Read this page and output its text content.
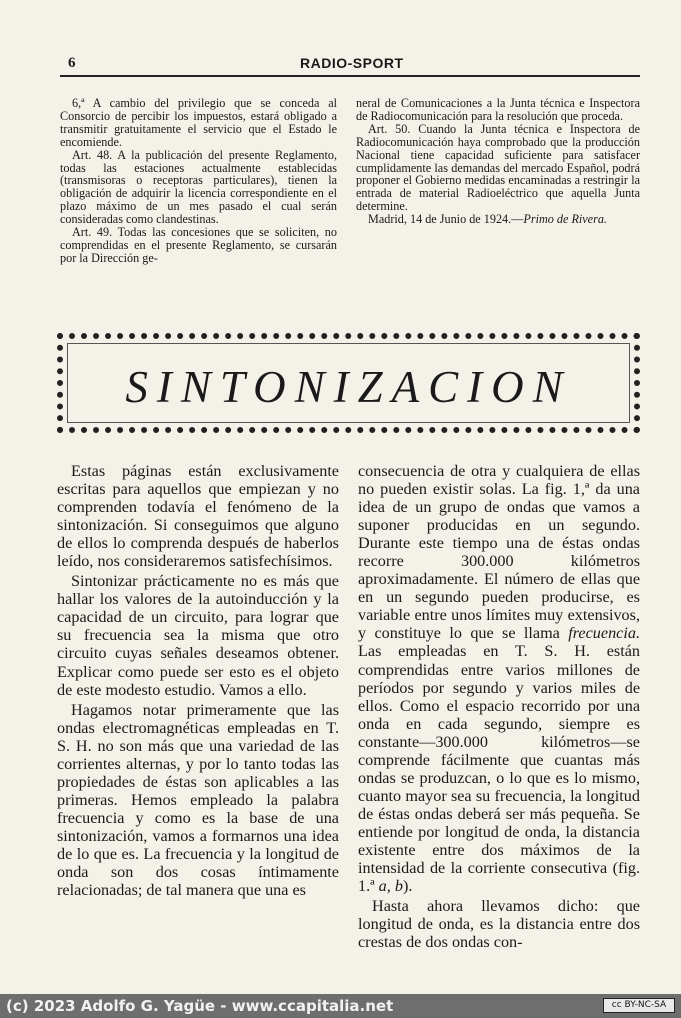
6	RADIO-SPORT

6,ª A cambio del privilegio que se conceda al Consorcio de percibir los impuestos, estará obligado a transmitir gratuitamente el servicio que el Estado le encomiende.

Art. 48. A la publicación del presente Reglamento, todas las estaciones actualmente establecidas (transmisoras o receptoras particulares), tienen la obligación de adquirir la licencia correspondiente en el plazo máximo de un mes pasado el cual serán consideradas como clandestinas.

Art. 49. Todas las concesiones que se soliciten, no comprendidas en el presente Reglamento, se cursarán por la Dirección ge-

neral de Comunicaciones a la Junta técnica e Inspectora de Radiocomunicación para la resolución que proceda.

Art. 50. Cuando la Junta técnica e Inspectora de Radiocomunicación haya comprobado que la producción Nacional tiene capacidad suficiente para satisfacer cumplidamente las demandas del mercado Español, podrá proponer el Gobierno medidas encaminadas a restringir la entrada de material Radioeléctrico que aquella Junta determine.

Madrid, 14 de Junio de 1924.—Primo de Rivera.

SINTONIZACION

Estas páginas están exclusivamente escritas para aquellos que empiezan y no comprenden todavía el fenómeno de la sintonización. Si conseguimos que alguno de ellos lo comprenda después de haberlos leído, nos consideraremos satisfechísimos.

Sintonizar prácticamente no es más que hallar los valores de la autoinducción y la capacidad de un circuito, para lograr que su frecuencia sea la misma que otro circuito cuyas señales deseamos obtener. Explicar como puede ser esto es el objeto de este modesto estudio. Vamos a ello.

Hagamos notar primeramente que las ondas electromagnéticas empleadas en T. S. H. no son más que una variedad de las corrientes alternas, y por lo tanto todas las propiedades de éstas son aplicables a las primeras. Hemos empleado la palabra frecuencia y como es la base de una sintonización, vamos a formarnos una idea de lo que es. La frecuencia y la longitud de onda son dos cosas íntimamente relacionadas; de tal manera que una es

consecuencia de otra y cualquiera de ellas no pueden existir solas. La fig. 1,ª da una idea de un grupo de ondas que vamos a suponer producidas en un segundo. Durante este tiempo una de éstas ondas recorre 300.000 kilómetros aproximadamente. El número de ellas que en un segundo pueden producirse, es variable entre unos límites muy extensivos, y constituye lo que se llama frecuencia. Las empleadas en T. S. H. están comprendidas entre varios millones de períodos por segundo y varios miles de ellos. Como el espacio recorrido por una onda en cada segundo, siempre es constante—300.000 kilómetros—se comprende fácilmente que cuantas más ondas se produzcan, o lo que es lo mismo, cuanto mayor sea su frecuencia, la longitud de éstas ondas deberá ser más pequeña. Se entiende por longitud de onda, la distancia existente entre dos máximos de la intensidad de la corriente consecutiva (fig. 1.ª a, b).

Hasta ahora llevamos dicho: que longitud de onda, es la distancia entre dos crestas de dos ondas con-

(c) 2023 Adolfo G. Yagüe - www.ccapitalia.net	cc BY-NC-SA
